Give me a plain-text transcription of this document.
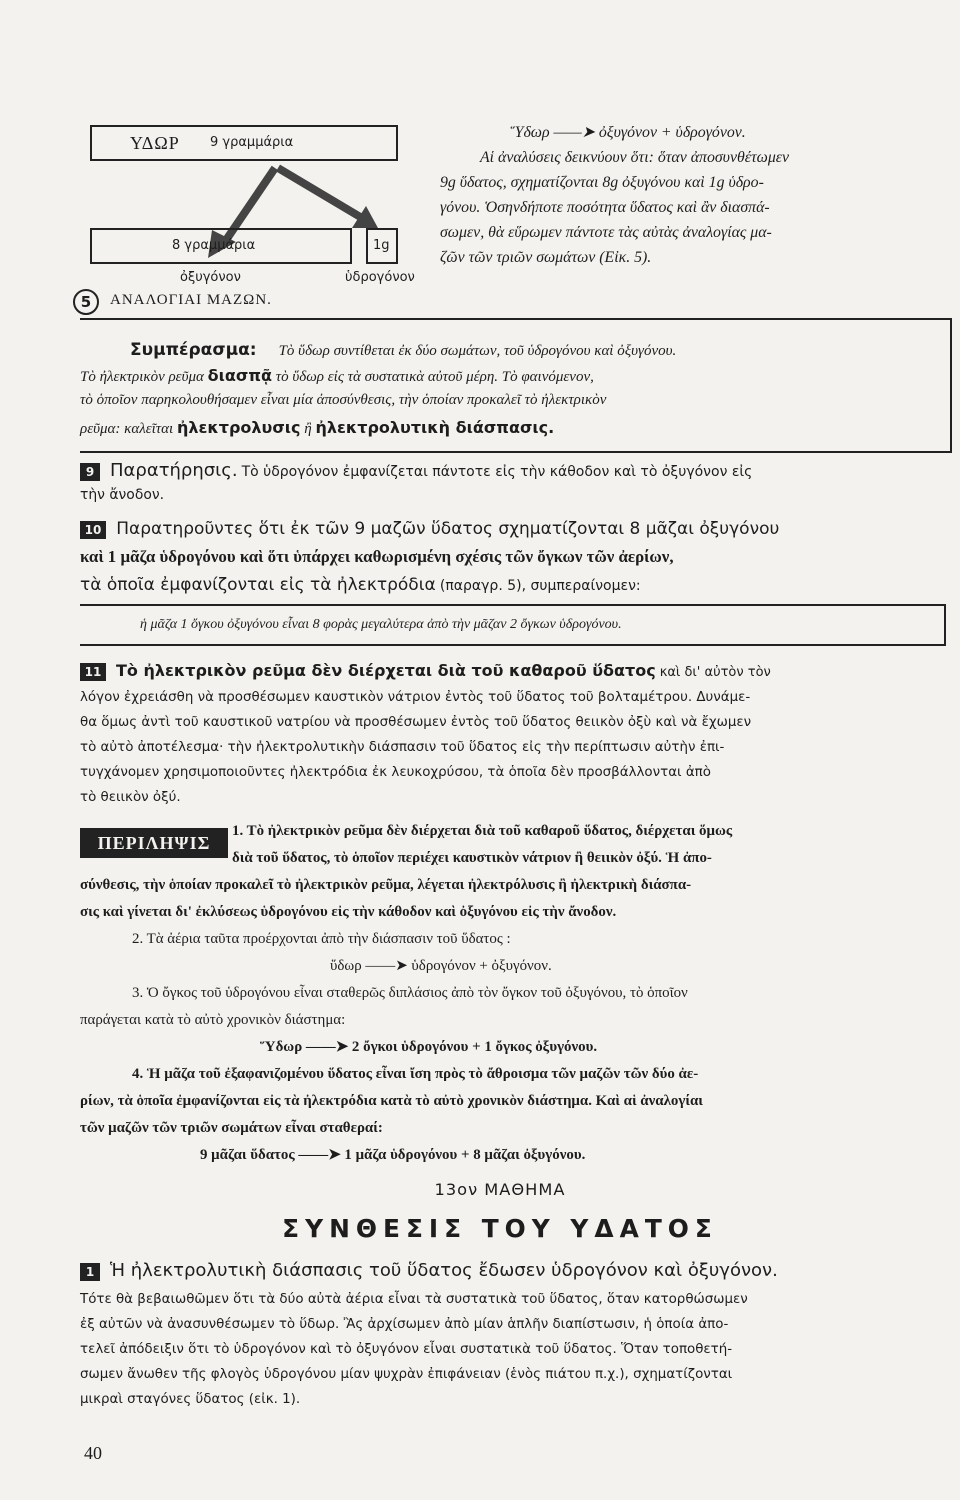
ΥΔΩΡ 9 γραμμάρια
8 γραμμάρια	1g
ὀξυγόνον	ὑδρογόνον
5	ΑΝΑΛΟΓΙΑΙ ΜΑΖΩΝ.

Ὕδωρ ——➤ ὀξυγόνον + ὑδρογόνον.

Αἱ ἀναλύσεις δεικνύουν ὅτι: ὅταν ἀποσυνθέτωμεν

9g ὕδατος, σχηματίζονται 8g ὀξυγόνου καὶ 1g ὑδρο-

γόνου. Ὁσηνδήποτε ποσότητα ὕδατος καὶ ἂν διασπά-

σωμεν, θὰ εὕρωμεν πάντοτε τὰς αὐτὰς ἀναλογίας μα-

ζῶν τῶν τριῶν σωμάτων (Εἰκ. 5).

Συμπέρασμα: Τὸ ὕδωρ συντίθεται ἐκ δύο σωμάτων, τοῦ ὑδρογόνου καὶ ὀξυγόνου.
Τὸ ἠλεκτρικὸν ρεῦμα διασπᾷ τὸ ὕδωρ εἰς τὰ συστατικὰ αὐτοῦ μέρη. Τὸ φαινόμενον,

τὸ ὁποῖον παρηκολουθήσαμεν εἶναι μία ἀποσύνθεσις, τὴν ὁποίαν προκαλεῖ τὸ ἠλεκτρικὸν

ρεῦμα: καλεῖται ἠλεκτρολυσις ἢ ἠλεκτρολυτικὴ διάσπασις.

9 Παρατήρησις. Τὸ ὑδρογόνον ἐμφανίζεται πάντοτε εἰς τὴν κάθοδον καὶ τὸ ὀξυγόνον εἰς

τὴν ἄνοδον.

10 Παρατηροῦντες ὅτι ἐκ τῶν 9 μαζῶν ὕδατος σχηματίζονται 8 μᾶζαι ὀξυγόνου

καὶ 1 μᾶζα ὑδρογόνου καὶ ὅτι ὑπάρχει καθωρισμένη σχέσις τῶν ὄγκων τῶν ἀερίων,

τὰ ὁποῖα ἐμφανίζονται εἰς τὰ ἠλεκτρόδια (παραγρ. 5), συμπεραίνομεν:

ἡ μᾶζα 1 ὄγκου ὀξυγόνου εἶναι 8 φορὰς μεγαλύτερα ἀπὸ τὴν μᾶζαν 2 ὄγκων ὑδρογόνου.

11 Τὸ ἠλεκτρικὸν ρεῦμα δὲν διέρχεται διὰ τοῦ καθαροῦ ὕδατος καὶ δι' αὐτὸν τὸν

λόγον ἐχρειάσθη νὰ προσθέσωμεν καυστικὸν νάτριον ἐντὸς τοῦ ὕδατος τοῦ βολταμέτρου. Δυνάμε-

θα ὅμως ἀντὶ τοῦ καυστικοῦ νατρίου νὰ προσθέσωμεν ἐντὸς τοῦ ὕδατος θειικὸν ὀξὺ καὶ νὰ ἔχωμεν

τὸ αὐτὸ ἀποτέλεσμα· τὴν ἠλεκτρολυτικὴν διάσπασιν τοῦ ὕδατος εἰς τὴν περίπτωσιν αὐτὴν ἐπι-

τυγχάνομεν χρησιμοποιοῦντες ἠλεκτρόδια ἐκ λευκοχρύσου, τὰ ὁποῖα δὲν προσβάλλονται ἀπὸ

τὸ θειικὸν ὀξύ.

ΠΕΡΙΛΗΨΙΣ

1. Τὸ ἠλεκτρικὸν ρεῦμα δὲν διέρχεται διὰ τοῦ καθαροῦ ὕδατος, διέρχεται ὅμως

διὰ τοῦ ὕδατος, τὸ ὁποῖον περιέχει καυστικὸν νάτριον ἢ θειικὸν ὀξύ. Ἡ ἀπο-

σύνθεσις, τὴν ὁποίαν προκαλεῖ τὸ ἠλεκτρικὸν ρεῦμα, λέγεται ἠλεκτρόλυσις ἢ ἠλεκτρικὴ διάσπα-

σις καὶ γίνεται δι' ἐκλύσεως ὑδρογόνου εἰς τὴν κάθοδον καὶ ὀξυγόνου εἰς τὴν ἄνοδον.

2. Τὰ ἀέρια ταῦτα προέρχονται ἀπὸ τὴν διάσπασιν τοῦ ὕδατος :

ὕδωρ ——➤ ὑδρογόνον + ὀξυγόνον.

3. Ὁ ὄγκος τοῦ ὑδρογόνου εἶναι σταθερῶς διπλάσιος ἀπὸ τὸν ὄγκον τοῦ ὀξυγόνου, τὸ ὁποῖον

παράγεται κατὰ τὸ αὐτὸ χρονικὸν διάστημα:

Ὕδωρ ——➤ 2 ὄγκοι ὑδρογόνου + 1 ὄγκος ὀξυγόνου.

4. Ἡ μᾶζα τοῦ ἐξαφανιζομένου ὕδατος εἶναι ἴση πρὸς τὸ ἄθροισμα τῶν μαζῶν τῶν δύο ἀε-

ρίων, τὰ ὁποῖα ἐμφανίζονται εἰς τὰ ἠλεκτρόδια κατὰ τὸ αὐτὸ χρονικὸν διάστημα. Καὶ αἱ ἀναλογίαι

τῶν μαζῶν τῶν τριῶν σωμάτων εἶναι σταθεραί:

9 μᾶζαι ὕδατος ——➤ 1 μᾶζα ὑδρογόνου + 8 μᾶζαι ὀξυγόνου.

13ον ΜΑΘΗΜΑ

ΣΥΝΘΕΣΙΣ ΤΟΥ ΥΔΑΤΟΣ

1 Ἡ ἠλεκτρολυτικὴ διάσπασις τοῦ ὕδατος ἔδωσεν ὑδρογόνον καὶ ὀξυγόνον.

Τότε θὰ βεβαιωθῶμεν ὅτι τὰ δύο αὐτὰ ἀέρια εἶναι τὰ συστατικὰ τοῦ ὕδατος, ὅταν κατορθώσωμεν

ἐξ αὐτῶν νὰ ἀνασυνθέσωμεν τὸ ὕδωρ. Ἂς ἀρχίσωμεν ἀπὸ μίαν ἁπλῆν διαπίστωσιν, ἡ ὁποία ἀπο-

τελεῖ ἀπόδειξιν ὅτι τὸ ὑδρογόνον καὶ τὸ ὀξυγόνον εἶναι συστατικὰ τοῦ ὕδατος. Ὅταν τοποθετή-

σωμεν ἄνωθεν τῆς φλογὸς ὑδρογόνου μίαν ψυχρὰν ἐπιφάνειαν (ἑνὸς πιάτου π.χ.), σχηματίζονται

μικραὶ σταγόνες ὕδατος (εἰκ. 1).

40
